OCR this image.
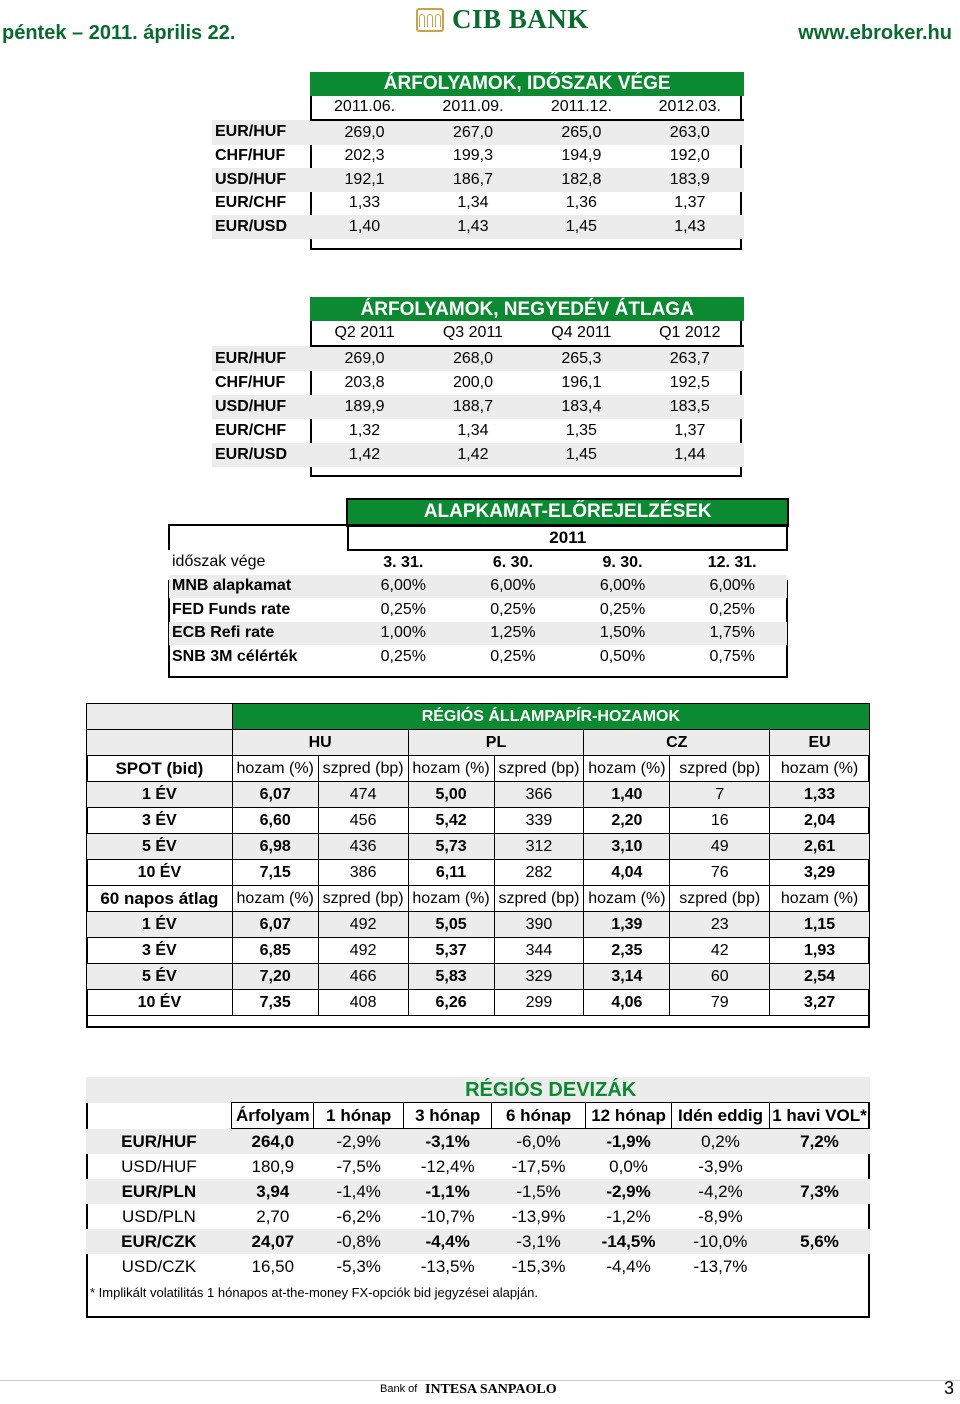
péntek – 2011. április 22.	CIB BANK	www.ebroker.hu
	ÁRFOLYAMOK, IDŐSZAK VÉGE			
	2011.06.	2011.09.	2011.12.	2012.03.
EUR/HUF	269,0	267,0	265,0	263,0
CHF/HUF	202,3	199,3	194,9	192,0
USD/HUF	192,1	186,7	182,8	183,9
EUR/CHF	1,33	1,34	1,36	1,37
EUR/USD	1,40	1,43	1,45	1,43
	ÁRFOLYAMOK, NEGYEDÉV ÁTLAGA			
	Q2 2011	Q3 2011	Q4 2011	Q1 2012
EUR/HUF	269,0	268,0	265,3	263,7
CHF/HUF	203,8	200,0	196,1	192,5
USD/HUF	189,9	188,7	183,4	183,5
EUR/CHF	1,32	1,34	1,35	1,37
EUR/USD	1,42	1,42	1,45	1,44
	ALAPKAMAT-ELŐREJELZÉSEK			
	2011			
időszak vége	3. 31.	6. 30.	9. 30.	12. 31.
MNB alapkamat	6,00%	6,00%	6,00%	6,00%
FED Funds rate	0,25%	0,25%	0,25%	0,25%
ECB Refi rate	1,00%	1,25%	1,50%	1,75%
SNB 3M célérték	0,25%	0,25%	0,50%	0,75%
	RÉGIÓS ÁLLAMPAPÍR-HOZAMOK						
	HU		PL		CZ		EU
SPOT (bid)	hozam (%)	szpred (bp)	hozam (%)	szpred (bp)	hozam (%)	szpred (bp)	hozam (%)
1 ÉV	6,07	474	5,00	366	1,40	7	1,33
3 ÉV	6,60	456	5,42	339	2,20	16	2,04
5 ÉV	6,98	436	5,73	312	3,10	49	2,61
10 ÉV	7,15	386	6,11	282	4,04	76	3,29
60 napos átlag	hozam (%)	szpred (bp)	hozam (%)	szpred (bp)	hozam (%)	szpred (bp)	hozam (%)
1 ÉV	6,07	492	5,05	390	1,39	23	1,15
3 ÉV	6,85	492	5,37	344	2,35	42	1,93
5 ÉV	7,20	466	5,83	329	3,14	60	2,54
10 ÉV	7,35	408	6,26	299	4,06	79	3,27
	RÉGIÓS DEVIZÁK						
	Árfolyam	1 hónap	3 hónap	6 hónap	12 hónap	Idén eddig	1 havi VOL*
EUR/HUF	264,0	-2,9%	-3,1%	-6,0%	-1,9%	0,2%	7,2%
USD/HUF	180,9	-7,5%	-12,4%	-17,5%	0,0%	-3,9%	
EUR/PLN	3,94	-1,4%	-1,1%	-1,5%	-2,9%	-4,2%	7,3%
USD/PLN	2,70	-6,2%	-10,7%	-13,9%	-1,2%	-8,9%	
EUR/CZK	24,07	-0,8%	-4,4%	-3,1%	-14,5%	-10,0%	5,6%
USD/CZK	16,50	-5,3%	-13,5%	-15,3%	-4,4%	-13,7%	
* Implikált volatilitás 1 hónapos at-the-money FX-opciók bid jegyzései alapján.							
Bank of INTESA SANPAOLO	3
